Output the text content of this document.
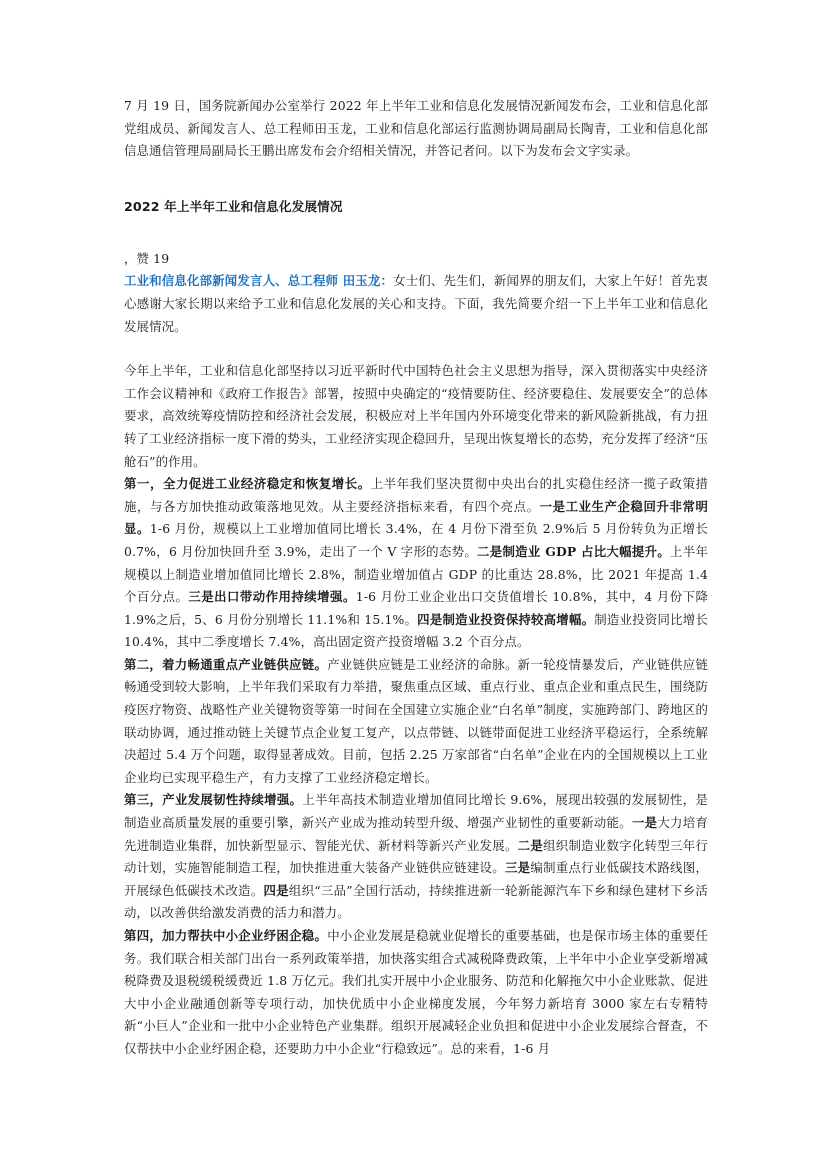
7 月 19 日，国务院新闻办公室举行 2022 年上半年工业和信息化发展情况新闻发布会，工业和信息化部党组成员、新闻发言人、总工程师田玉龙，工业和信息化部运行监测协调局副局长陶青，工业和信息化部信息通信管理局副局长王鹏出席发布会介绍相关情况，并答记者问。以下为发布会文字实录。

2022 年上半年工业和信息化发展情况

，赞 19

工业和信息化部新闻发言人、总工程师 田玉龙：女士们、先生们，新闻界的朋友们，大家上午好！首先衷心感谢大家长期以来给予工业和信息化发展的关心和支持。下面，我先简要介绍一下上半年工业和信息化发展情况。

今年上半年，工业和信息化部坚持以习近平新时代中国特色社会主义思想为指导，深入贯彻落实中央经济工作会议精神和《政府工作报告》部署，按照中央确定的“疫情要防住、经济要稳住、发展要安全”的总体要求，高效统筹疫情防控和经济社会发展，积极应对上半年国内外环境变化带来的新风险新挑战，有力扭转了工业经济指标一度下滑的势头，工业经济实现企稳回升，呈现出恢复增长的态势，充分发挥了经济“压舱石”的作用。

第一，全力促进工业经济稳定和恢复增长。上半年我们坚决贯彻中央出台的扎实稳住经济一揽子政策措施，与各方加快推动政策落地见效。从主要经济指标来看，有四个亮点。一是工业生产企稳回升非常明显。1-6 月份，规模以上工业增加值同比增长 3.4%，在 4 月份下滑至负 2.9%后 5 月份转负为正增长 0.7%，6 月份加快回升至 3.9%，走出了一个 V 字形的态势。二是制造业 GDP 占比大幅提升。上半年规模以上制造业增加值同比增长 2.8%，制造业增加值占 GDP 的比重达 28.8%，比 2021 年提高 1.4 个百分点。三是出口带动作用持续增强。1-6 月份工业企业出口交货值增长 10.8%，其中，4 月份下降 1.9%之后，5、6 月份分别增长 11.1%和 15.1%。四是制造业投资保持较高增幅。制造业投资同比增长 10.4%，其中二季度增长 7.4%，高出固定资产投资增幅 3.2 个百分点。

第二，着力畅通重点产业链供应链。产业链供应链是工业经济的命脉。新一轮疫情暴发后，产业链供应链畅通受到较大影响，上半年我们采取有力举措，聚焦重点区域、重点行业、重点企业和重点民生，围绕防疫医疗物资、战略性产业关键物资等第一时间在全国建立实施企业“白名单”制度，实施跨部门、跨地区的联动协调，通过推动链上关键节点企业复工复产，以点带链、以链带面促进工业经济平稳运行，全系统解决超过 5.4 万个问题，取得显著成效。目前，包括 2.25 万家部省“白名单”企业在内的全国规模以上工业企业均已实现平稳生产，有力支撑了工业经济稳定增长。

第三，产业发展韧性持续增强。上半年高技术制造业增加值同比增长 9.6%，展现出较强的发展韧性，是制造业高质量发展的重要引擎，新兴产业成为推动转型升级、增强产业韧性的重要新动能。一是大力培育先进制造业集群，加快新型显示、智能光伏、新材料等新兴产业发展。二是组织制造业数字化转型三年行动计划，实施智能制造工程，加快推进重大装备产业链供应链建设。三是编制重点行业低碳技术路线图，开展绿色低碳技术改造。四是组织“三品”全国行活动，持续推进新一轮新能源汽车下乡和绿色建材下乡活动，以改善供给激发消费的活力和潜力。

第四，加力帮扶中小企业纾困企稳。中小企业发展是稳就业促增长的重要基础，也是保市场主体的重要任务。我们联合相关部门出台一系列政策举措，加快落实组合式减税降费政策，上半年中小企业享受新增减税降费及退税缓税缓费近 1.8 万亿元。我们扎实开展中小企业服务、防范和化解拖欠中小企业账款、促进大中小企业融通创新等专项行动，加快优质中小企业梯度发展，今年努力新培育 3000 家左右专精特新“小巨人”企业和一批中小企业特色产业集群。组织开展减轻企业负担和促进中小企业发展综合督查，不仅帮扶中小企业纾困企稳，还要助力中小企业“行稳致远”。总的来看，1-6 月
